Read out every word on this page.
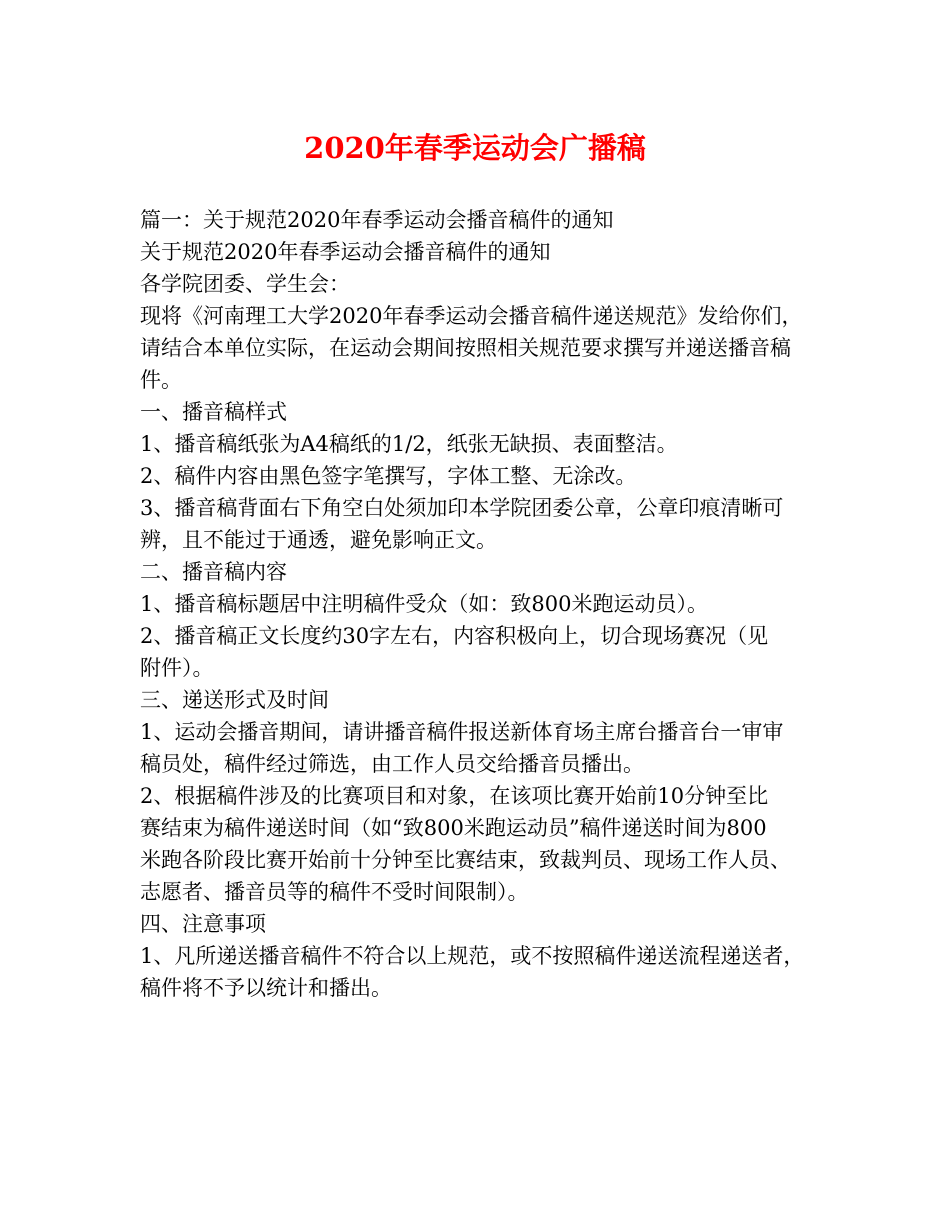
2020年春季运动会广播稿
篇一：关于规范2020年春季运动会播音稿件的通知
关于规范2020年春季运动会播音稿件的通知
各学院团委、学生会：
现将《河南理工大学2020年春季运动会播音稿件递送规范》发给你们，
请结合本单位实际，在运动会期间按照相关规范要求撰写并递送播音稿
件。
一、播音稿样式
1、播音稿纸张为A4稿纸的1/2，纸张无缺损、表面整洁。
2、稿件内容由黑色签字笔撰写，字体工整、无涂改。
3、播音稿背面右下角空白处须加印本学院团委公章，公章印痕清晰可
辨，且不能过于通透，避免影响正文。
二、播音稿内容
1、播音稿标题居中注明稿件受众（如：致800米跑运动员）。
2、播音稿正文长度约30字左右，内容积极向上，切合现场赛况（见
附件）。
三、递送形式及时间
1、运动会播音期间，请讲播音稿件报送新体育场主席台播音台一审审
稿员处，稿件经过筛选，由工作人员交给播音员播出。
2、根据稿件涉及的比赛项目和对象，在该项比赛开始前10分钟至比
赛结束为稿件递送时间（如“致800米跑运动员”稿件递送时间为800
米跑各阶段比赛开始前十分钟至比赛结束，致裁判员、现场工作人员、
志愿者、播音员等的稿件不受时间限制）。
四、注意事项
1、凡所递送播音稿件不符合以上规范，或不按照稿件递送流程递送者，
稿件将不予以统计和播出。
